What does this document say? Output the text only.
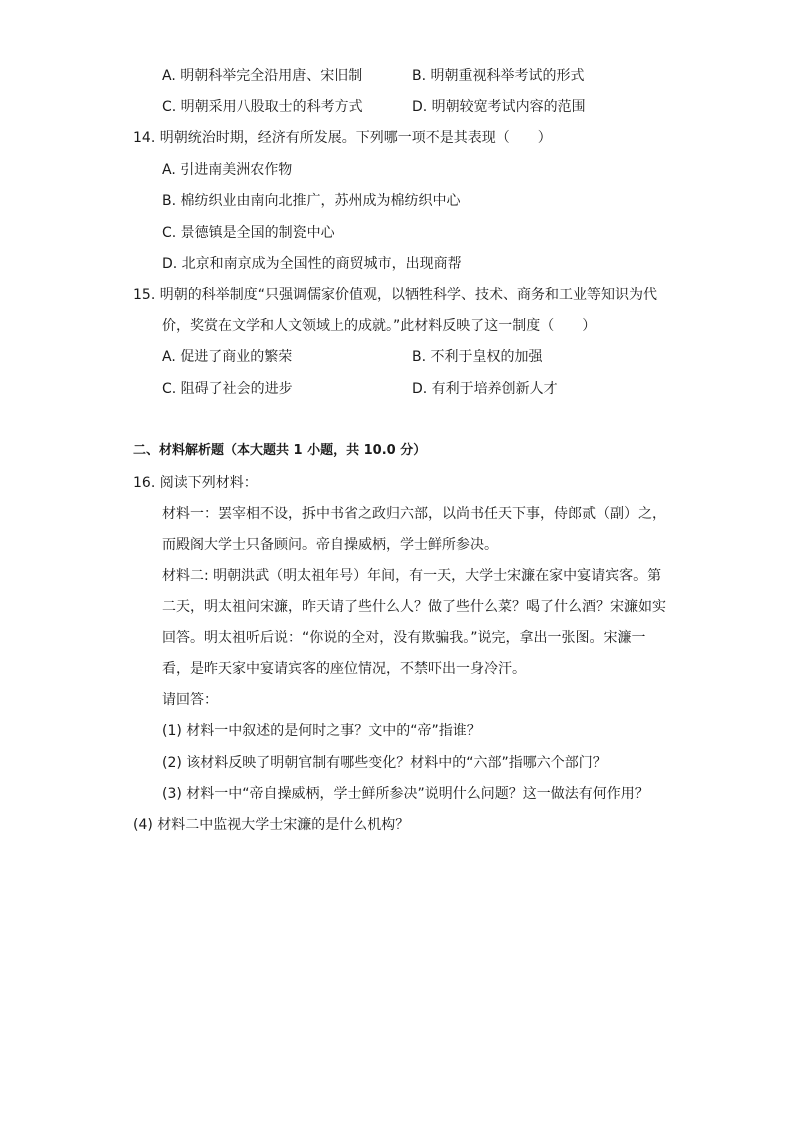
A. 明朝科举完全沿用唐、宋旧制	B. 明朝重视科举考试的形式
C. 明朝采用八股取士的科考方式	D. 明朝较宽考试内容的范围
14. 明朝统治时期，经济有所发展。下列哪一项不是其表现（　　）
A. 引进南美洲农作物
B. 棉纺织业由南向北推广，苏州成为棉纺织中心
C. 景德镇是全国的制瓷中心
D. 北京和南京成为全国性的商贸城市，出现商帮
15. 明朝的科举制度“只强调儒家价值观，以牺牲科学、技术、商务和工业等知识为代
价，奖赏在文学和人文领域上的成就。”此材料反映了这一制度（　　）
A. 促进了商业的繁荣	B. 不利于皇权的加强
C. 阻碍了社会的进步	D. 有利于培养创新人才
二、材料解析题（本大题共 1 小题，共 10.0 分）
16. 阅读下列材料：
材料一：罢宰相不设，拆中书省之政归六部，以尚书任天下事，侍郎贰（副）之，
而殿阁大学士只备顾问。帝自操威柄，学士鲜所参决。
材料二: 明朝洪武（明太祖年号）年间，有一天，大学士宋濂在家中宴请宾客。第
二天，明太祖问宋濂，昨天请了些什么人？做了些什么菜？喝了什么酒？宋濂如实
回答。明太祖听后说：“你说的全对，没有欺骗我。”说完，拿出一张图。宋濂一
看，是昨天家中宴请宾客的座位情况，不禁吓出一身冷汗。
请回答：
(1) 材料一中叙述的是何时之事？文中的“帝”指谁？
(2) 该材料反映了明朝官制有哪些变化？材料中的“六部”指哪六个部门？
(3) 材料一中“帝自操威柄，学士鲜所参决”说明什么问题？这一做法有何作用？
(4) 材料二中监视大学士宋濂的是什么机构？
